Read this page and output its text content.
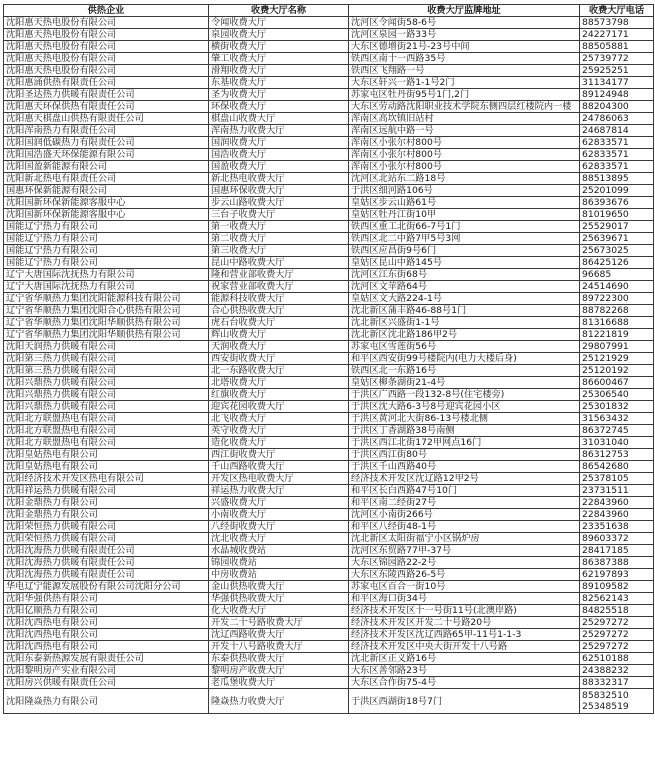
供热企业	收费大厅名称	收费大厅监牌地址	收费大厅电话
沈阳惠天热电股份有限公司	令闻收费大厅	沈河区令闻街58-6号	88573798
沈阳惠天热电股份有限公司	泉园收费大厅	沈河区泉园一路33号	24227171
沈阳惠天热电股份有限公司	横街收费大厅	大东区德增街21号-23号中间	88505881
沈阳惠天热电股份有限公司	肇工收费大厅	铁西区南十一西路35号	25739772
沈阳惠天热电股份有限公司	滑翔收费大厅	铁西区飞翔路一号	25925251
沈阳惠涌供热有限责任公司	东基收费大厅	大东区轩兴一路1-1号2门	31134177
沈阳圣达热力供暖有限责任公司	圣为收费大厅	苏家屯区牡丹街95号1门,2门	89124948
沈阳惠天环保供热有限责任公司	环保收费大厅	大东区劳动路沈阳职业技术学院东侧四层红楼院内一楼	88204300
沈阳惠天棋盘山供热有限责任公司	棋盘山收费大厅	浑南区高坎镇旧站村	24786063
沈阳浑南热力有限责任公司	浑南热力收费大厅	浑南区远航中路一号	24687814
沈阳国润低碳热力有限责任公司	国润收费大厅	浑南区小张尔村800号	62833571
沈阳国浩盛天环保能源有限公司	国浩收费大厅	浑南区小张尔村800号	62833571
沈阳国盈新能源有限公司	国盈收费大厅	浑南区小张尔村800号	62833571
沈阳新北热电有限责任公司	新北热电收费大厅	沈河区北站东二路18号	88513895
国惠环保新能源有限公司	国惠环保收费大厅	于洪区细河路106号	25201099
沈阳国新环保新能源客服中心	步云山路收费大厅	皇姑区步云山路61号	86393676
沈阳国新环保新能源客服中心	三台子收费大厅	皇姑区牡丹江街10甲	81019650
国能辽宁热力有限公司	第一收费大厅	铁西区重工北街66-7号1门	25529017
国能辽宁热力有限公司	第二收费大厅	铁西区北二中路7甲5号3网	25639671
国能辽宁热力有限公司	第三收费大厅	铁西区应昌街9号6门	25673025
国能辽宁热力有限公司	昆山中路收费大厅	皇姑区昆山中路145号	86425126
辽宁大唐国际沈抚热力有限公司	隆和营业部收费大厅	沈河区江东街68号	96685
辽宁大唐国际沈抚热力有限公司	祝家营业部收费大厅	沈河区文苹路64号	24514690
辽宁省华顺热力集团沈阳能源科技有限公司	能源科技收费大厅	皇姑区文大路224-1号	89722300
辽宁省华顺热力集团沈阳合心供热有限公司	合心供热收费大厅	沈北新区蒲丰路46-88号1门	88782268
辽宁省华顺热力集团沈阳华顺供热有限公司	虎石台收费大厅	沈北新区兴盛街1-1号	81316688
辽宁省华顺热力集团沈阳华顺供热有限公司	辉山收费大厅	沈北新区沈北路186甲2号	81221819
沈阳天润热力供暖有限公司	天润收费大厅	苏家屯区雪莲街56号	29807991
沈阳第三热力供暖有限公司	西安街收费大厅	和平区西安街99号楼院内(电力大楼后身)	25121929
沈阳第三热力供暖有限公司	北一东路收费大厅	铁西区北一东路16号	25120192
沈阳兴鼎热力供暖有限公司	北塔收费大厅	皇姑区柳条湖街21-4号	86600467
沈阳兴鼎热力供暖有限公司	红旗收费大厅	于洪区广西路一段132-8号(住宅楼旁)	25306540
沈阳兴鼎热力供暖有限公司	迎宾花园收费大厅	于洪区沈大路6-3号8号迎宾花园小区	25301832
沈阳北方联盟热电有限公司	北飞收费大厅	于洪区黄河北大街86-13号楼北侧	31563432
沈阳北方联盟热电有限公司	英守收费大厅	于洪区丁香湖路38号南侧	86372745
沈阳北方联盟热电有限公司	造化收费大厅	于洪区西江北街172甲网点16门	31031040
沈阳皇姑热电有限公司	西江街收费大厅	于洪区西江街80号	86312753
沈阳皇姑热电有限公司	千山西路收费大厅	于洪区千山西路40号	86542680
沈阳经济技术开发区热电有限公司	开发区热电收费大厅	经济技术开发区沈辽路12甲2号	25378105
沈阳祥运热力供暖有限公司	祥运热力收费大厅	和平区长白西路47号10门	23731511
沈阳金鼎热力有限公司	兴盛收费大厅	和平区南二经街27号	22843960
沈阳金鼎热力有限公司	小南收费大厅	沈河区小南街266号	22843960
沈阳荣恒热力供暖有限公司	八经街收费大厅	和平区八经街48-1号	23351638
沈阳荣恒热力供暖有限公司	沈北收费大厅	沈北新区太阳街福宁小区锅炉房	89603372
沈阳沈海热力供暖有限责任公司	水晶城收费站	沈河区东贸路77甲-37号	28417185
沈阳沈海热力供暖有限责任公司	锦园收费站	大东区锦园路22-2号	86387388
沈阳沈海热力供暖有限责任公司	中房收费站	大东区东陵西路26-5号	62197893
华电辽宁能源发展股份有限公司沈阳分公司	金山供热收费大厅	苏家屯区百合一街10号	89109582
沈阳华强供热有限公司	华强供热收费大厅	和平区海口街34号	82562143
沈阳亿顺热力有限公司	化大收费大厅	经济技术开发区十一号街11号(北澳岸路)	84825518
沈阳沈西热电有限公司	开发二十号路收费大厅	经济技术开发区开发二十号路20号	25297272
沈阳沈西热电有限公司	沈辽西路收费大厅	经济技术开发区沈辽西路65甲-11号1-1-3	25297272
沈阳沈西热电有限公司	开发十八号路收费大厅	经济技术开发区中央大街开发十八号路	25297272
沈阳东泰新热源发展有限责任公司	东泰供热收费大厅	沈北新区正义路16号	62510188
沈阳黎明房产实业有限公司	黎明房产收费大厅	大东区善邻路23号	24388232
沈阳房兴供暖有限责任公司	老瓜堡收费大厅	大东区合作街75-4号	88332317
沈阳隆焱热力有限公司	隆焱热力收费大厅	于洪区西湖街18号7门	85832510
25348519
